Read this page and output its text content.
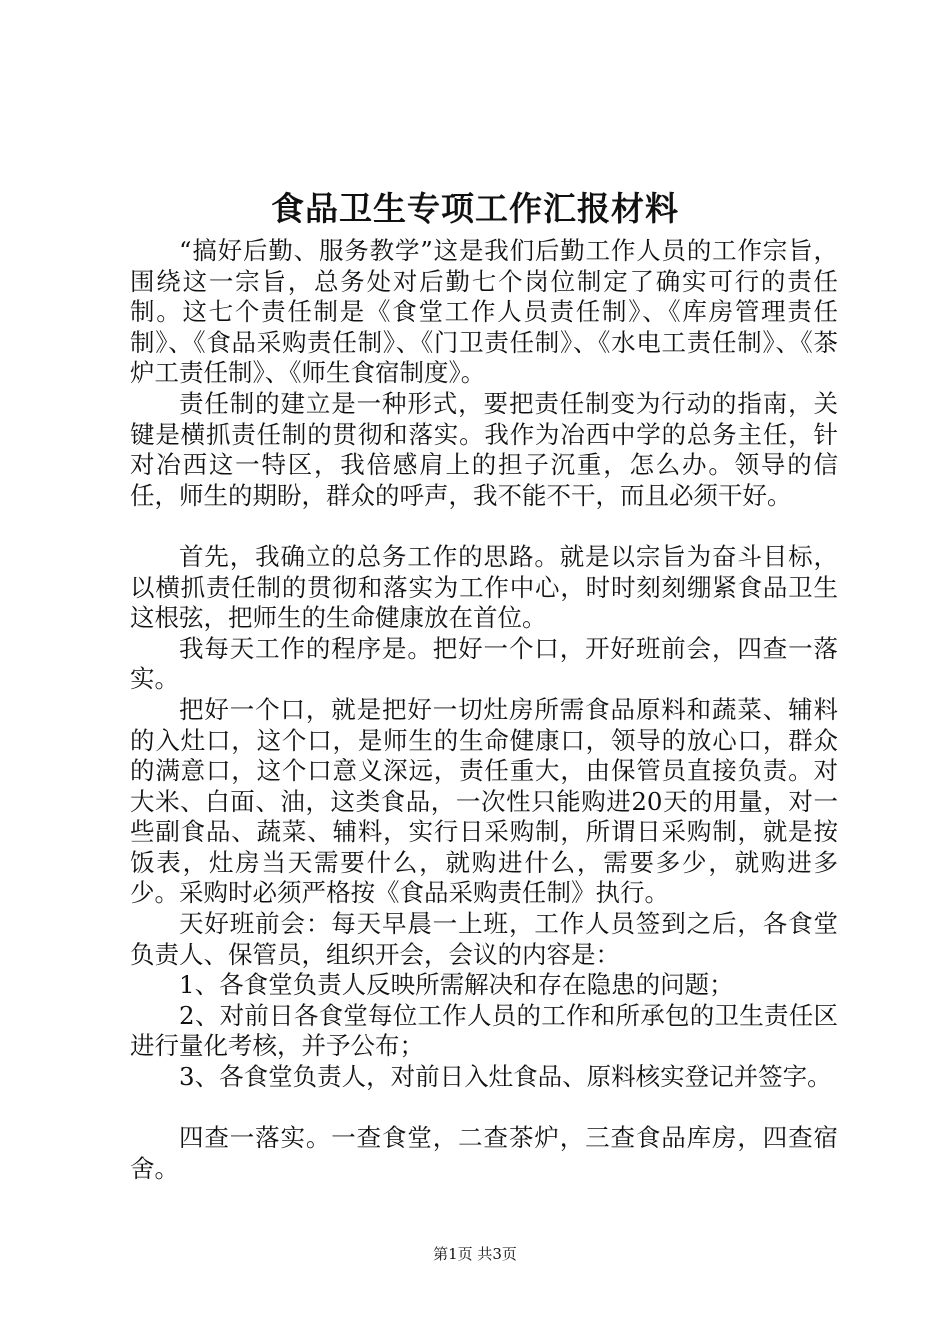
食品卫生专项工作汇报材料

“搞好后勤、服务教学”这是我们后勤工作人员的工作宗旨，围绕这一宗旨，总务处对后勤七个岗位制定了确实可行的责任制。这七个责任制是《食堂工作人员责任制》、《库房管理责任制》、《食品采购责任制》、《门卫责任制》、《水电工责任制》、《茶炉工责任制》、《师生食宿制度》。

责任制的建立是一种形式，要把责任制变为行动的指南，关键是横抓责任制的贯彻和落实。我作为冶西中学的总务主任，针对冶西这一特区，我倍感肩上的担子沉重，怎么办。领导的信任，师生的期盼，群众的呼声，我不能不干，而且必须干好。

首先，我确立的总务工作的思路。就是以宗旨为奋斗目标，以横抓责任制的贯彻和落实为工作中心，时时刻刻绷紧食品卫生这根弦，把师生的生命健康放在首位。

我每天工作的程序是。把好一个口，开好班前会，四查一落实。

把好一个口，就是把好一切灶房所需食品原料和蔬菜、辅料的入灶口，这个口，是师生的生命健康口，领导的放心口，群众的满意口，这个口意义深远，责任重大，由保管员直接负责。对大米、白面、油，这类食品，一次性只能购进20天的用量，对一些副食品、蔬菜、辅料，实行日采购制，所谓日采购制，就是按饭表，灶房当天需要什么，就购进什么，需要多少，就购进多少。采购时必须严格按《食品采购责任制》执行。

天好班前会：每天早晨一上班，工作人员签到之后，各食堂负责人、保管员，组织开会，会议的内容是：

1、各食堂负责人反映所需解决和存在隐患的问题；

2、对前日各食堂每位工作人员的工作和所承包的卫生责任区进行量化考核，并予公布；

3、各食堂负责人，对前日入灶食品、原料核实登记并签字。

四查一落实。一查食堂，二查茶炉，三查食品库房，四查宿舍。

第1页 共3页
